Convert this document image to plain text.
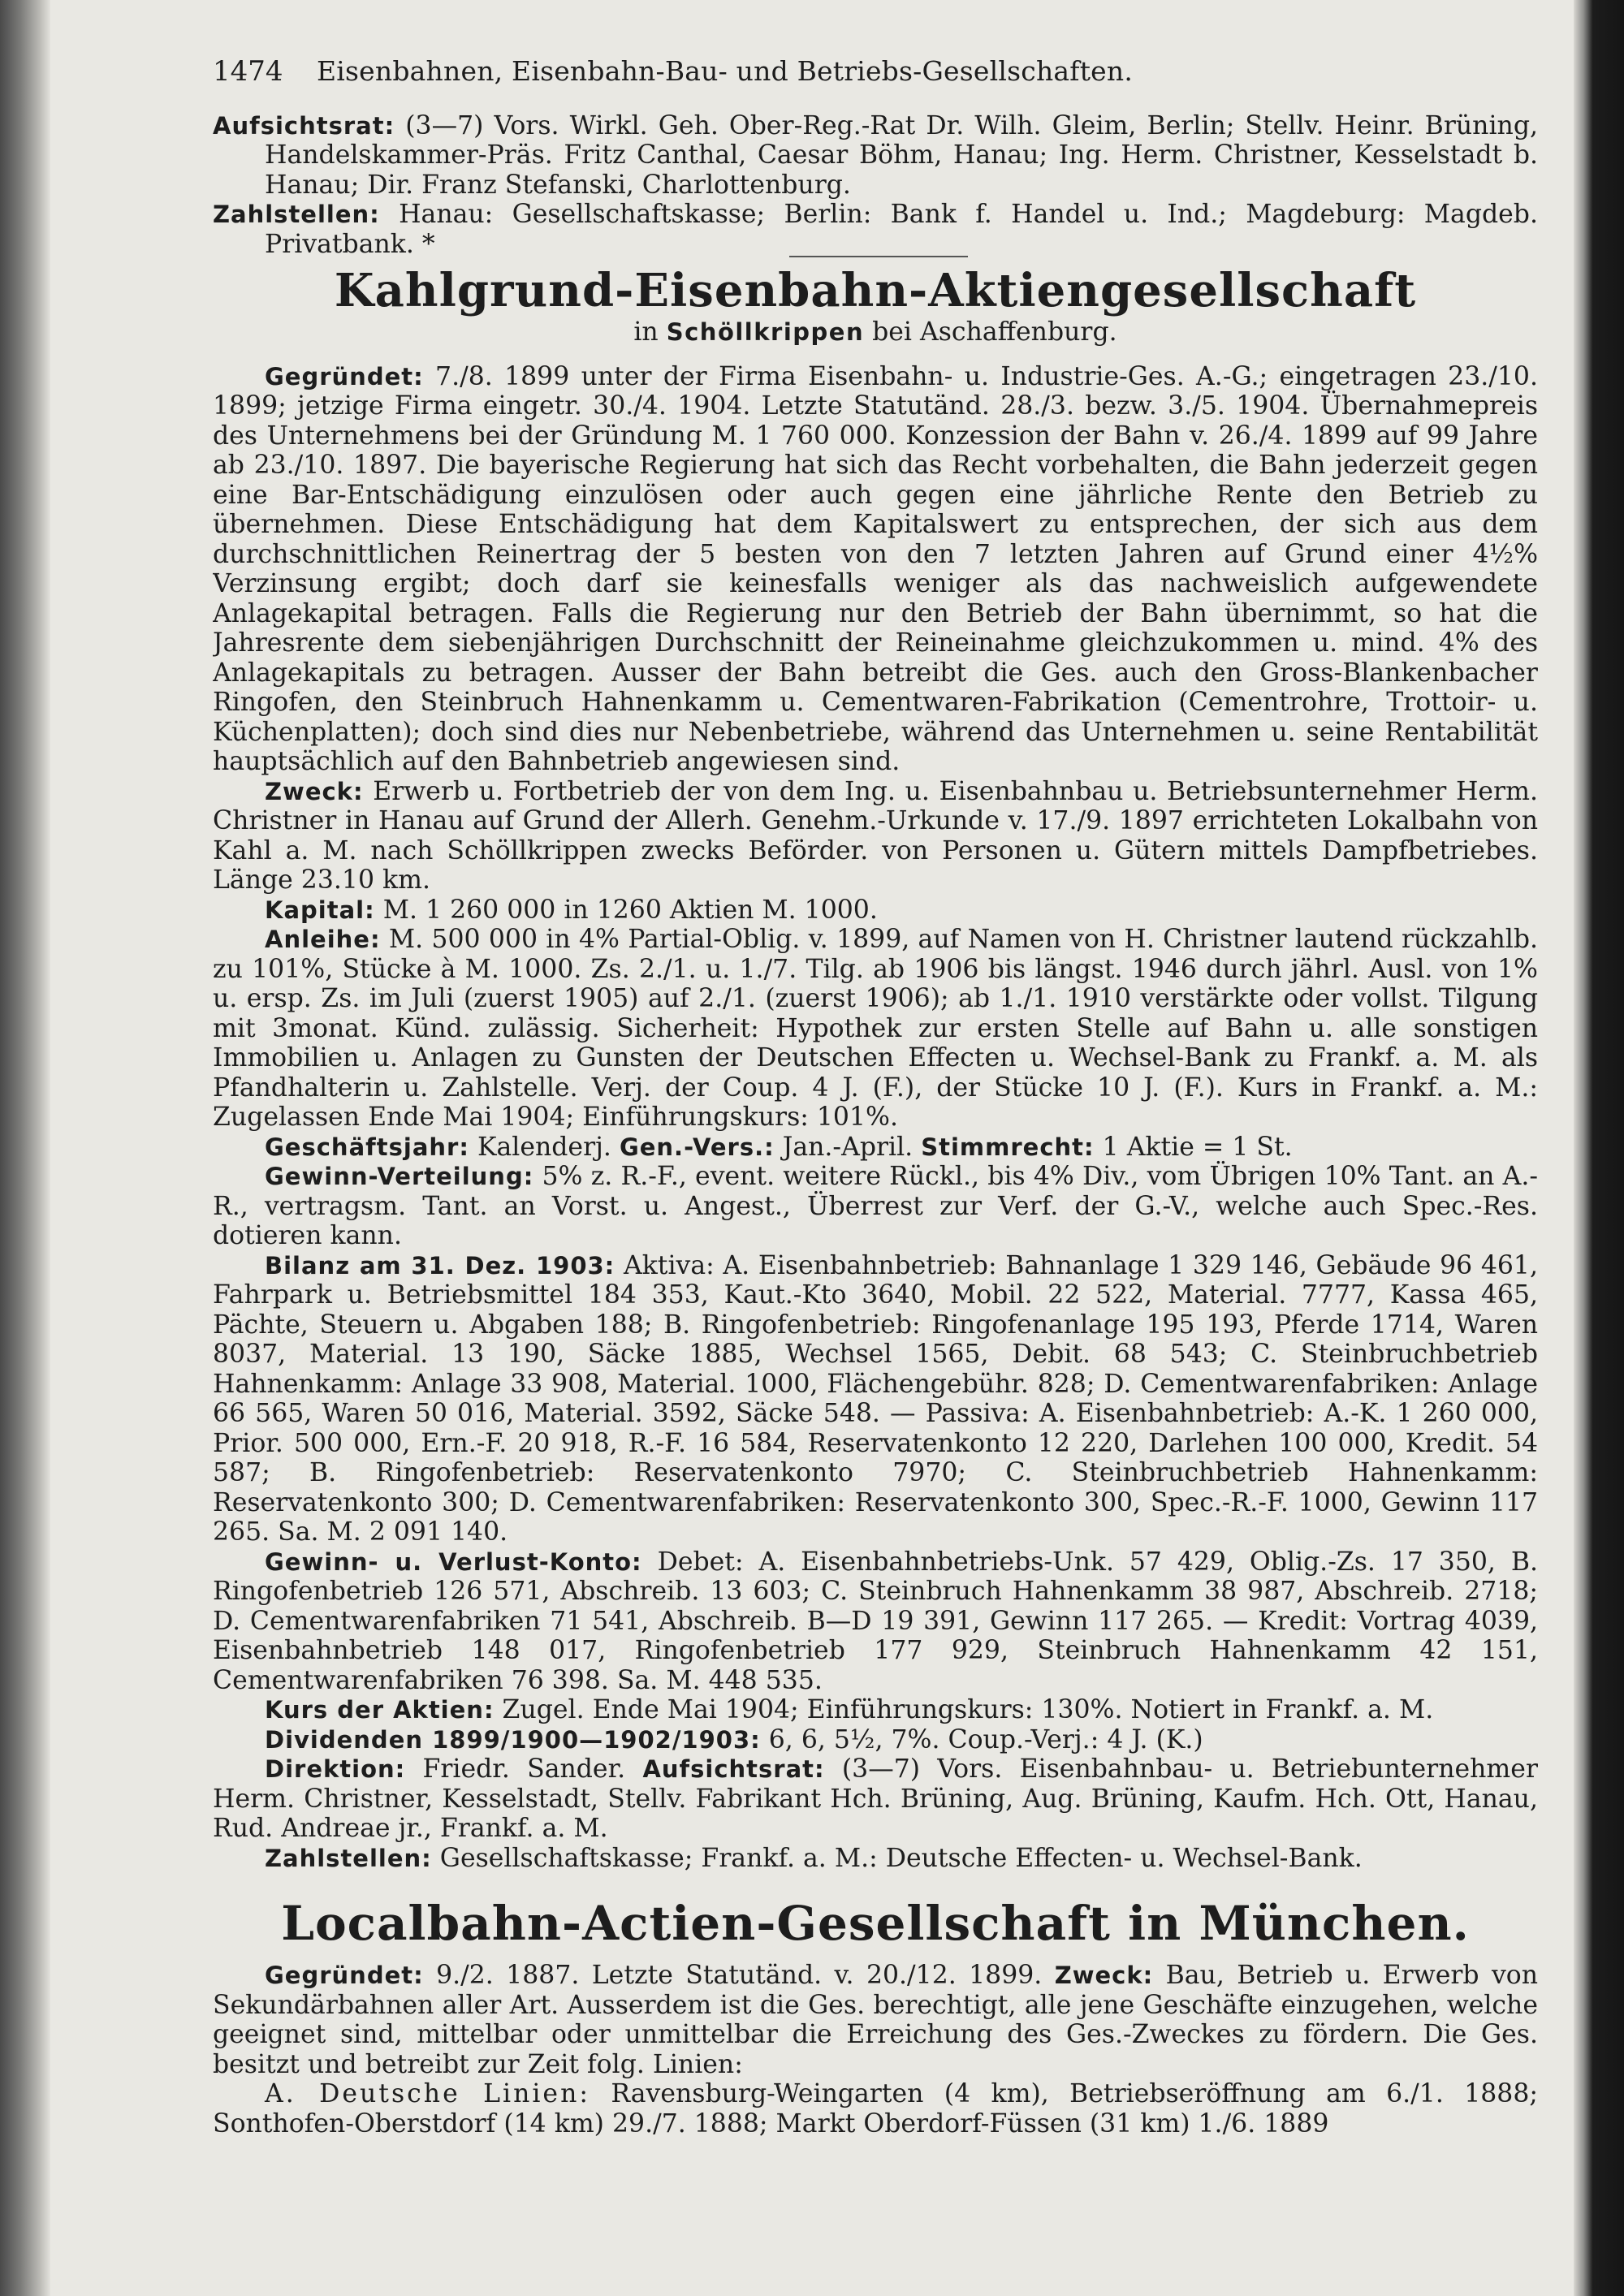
1474	Eisenbahnen, Eisenbahn-Bau- und Betriebs-Gesellschaften.

Aufsichtsrat: (3—7) Vors. Wirkl. Geh. Ober-Reg.-Rat Dr. Wilh. Gleim, Berlin; Stellv. Heinr. Brüning, Handelskammer-Präs. Fritz Canthal, Caesar Böhm, Hanau; Ing. Herm. Christner, Kesselstadt b. Hanau; Dir. Franz Stefanski, Charlottenburg.

Zahlstellen: Hanau: Gesellschaftskasse; Berlin: Bank f. Handel u. Ind.; Magdeburg: Magdeb. Privatbank. *

Kahlgrund-Eisenbahn-Aktiengesellschaft
in Schöllkrippen bei Aschaffenburg.

Gegründet: 7./8. 1899 unter der Firma Eisenbahn- u. Industrie-Ges. A.-G.; eingetragen 23./10. 1899; jetzige Firma eingetr. 30./4. 1904. Letzte Statutänd. 28./3. bezw. 3./5. 1904. Übernahmepreis des Unternehmens bei der Gründung M. 1 760 000. Konzession der Bahn v. 26./4. 1899 auf 99 Jahre ab 23./10. 1897. Die bayerische Regierung hat sich das Recht vorbehalten, die Bahn jederzeit gegen eine Bar-Entschädigung einzulösen oder auch gegen eine jährliche Rente den Betrieb zu übernehmen. Diese Entschädigung hat dem Kapitalswert zu entsprechen, der sich aus dem durchschnittlichen Reinertrag der 5 besten von den 7 letzten Jahren auf Grund einer 4½% Verzinsung ergibt; doch darf sie keinesfalls weniger als das nachweislich aufgewendete Anlagekapital betragen. Falls die Regierung nur den Betrieb der Bahn übernimmt, so hat die Jahresrente dem siebenjährigen Durchschnitt der Reineinahme gleichzukommen u. mind. 4% des Anlagekapitals zu betragen. Ausser der Bahn betreibt die Ges. auch den Gross-Blankenbacher Ringofen, den Steinbruch Hahnenkamm u. Cementwaren-Fabrikation (Cementrohre, Trottoir- u. Küchenplatten); doch sind dies nur Nebenbetriebe, während das Unternehmen u. seine Rentabilität hauptsächlich auf den Bahnbetrieb angewiesen sind.

Zweck: Erwerb u. Fortbetrieb der von dem Ing. u. Eisenbahnbau u. Betriebsunternehmer Herm. Christner in Hanau auf Grund der Allerh. Genehm.-Urkunde v. 17./9. 1897 errichteten Lokalbahn von Kahl a. M. nach Schöllkrippen zwecks Beförder. von Personen u. Gütern mittels Dampfbetriebes. Länge 23.10 km.

Kapital: M. 1 260 000 in 1260 Aktien M. 1000.

Anleihe: M. 500 000 in 4% Partial-Oblig. v. 1899, auf Namen von H. Christner lautend rückzahlb. zu 101%, Stücke à M. 1000. Zs. 2./1. u. 1./7. Tilg. ab 1906 bis längst. 1946 durch jährl. Ausl. von 1% u. ersp. Zs. im Juli (zuerst 1905) auf 2./1. (zuerst 1906); ab 1./1. 1910 verstärkte oder vollst. Tilgung mit 3monat. Künd. zulässig. Sicherheit: Hypothek zur ersten Stelle auf Bahn u. alle sonstigen Immobilien u. Anlagen zu Gunsten der Deutschen Effecten u. Wechsel-Bank zu Frankf. a. M. als Pfandhalterin u. Zahlstelle. Verj. der Coup. 4 J. (F.), der Stücke 10 J. (F.). Kurs in Frankf. a. M.: Zugelassen Ende Mai 1904; Einführungskurs: 101%.

Geschäftsjahr: Kalenderj. Gen.-Vers.: Jan.-April. Stimmrecht: 1 Aktie = 1 St.

Gewinn-Verteilung: 5% z. R.-F., event. weitere Rückl., bis 4% Div., vom Übrigen 10% Tant. an A.-R., vertragsm. Tant. an Vorst. u. Angest., Überrest zur Verf. der G.-V., welche auch Spec.-Res. dotieren kann.

Bilanz am 31. Dez. 1903: Aktiva: A. Eisenbahnbetrieb: Bahnanlage 1 329 146, Gebäude 96 461, Fahrpark u. Betriebsmittel 184 353, Kaut.-Kto 3640, Mobil. 22 522, Material. 7777, Kassa 465, Pächte, Steuern u. Abgaben 188; B. Ringofenbetrieb: Ringofenanlage 195 193, Pferde 1714, Waren 8037, Material. 13 190, Säcke 1885, Wechsel 1565, Debit. 68 543; C. Steinbruchbetrieb Hahnenkamm: Anlage 33 908, Material. 1000, Flächengebühr. 828; D. Cementwarenfabriken: Anlage 66 565, Waren 50 016, Material. 3592, Säcke 548. — Passiva: A. Eisenbahnbetrieb: A.-K. 1 260 000, Prior. 500 000, Ern.-F. 20 918, R.-F. 16 584, Reservatenkonto 12 220, Darlehen 100 000, Kredit. 54 587; B. Ringofenbetrieb: Reservatenkonto 7970; C. Steinbruchbetrieb Hahnenkamm: Reservatenkonto 300; D. Cementwarenfabriken: Reservatenkonto 300, Spec.-R.-F. 1000, Gewinn 117 265. Sa. M. 2 091 140.

Gewinn- u. Verlust-Konto: Debet: A. Eisenbahnbetriebs-Unk. 57 429, Oblig.-Zs. 17 350, B. Ringofenbetrieb 126 571, Abschreib. 13 603; C. Steinbruch Hahnenkamm 38 987, Abschreib. 2718; D. Cementwarenfabriken 71 541, Abschreib. B—D 19 391, Gewinn 117 265. — Kredit: Vortrag 4039, Eisenbahnbetrieb 148 017, Ringofenbetrieb 177 929, Steinbruch Hahnenkamm 42 151, Cementwarenfabriken 76 398. Sa. M. 448 535.

Kurs der Aktien: Zugel. Ende Mai 1904; Einführungskurs: 130%. Notiert in Frankf. a. M.

Dividenden 1899/1900—1902/1903: 6, 6, 5½, 7%. Coup.-Verj.: 4 J. (K.)

Direktion: Friedr. Sander. Aufsichtsrat: (3—7) Vors. Eisenbahnbau- u. Betriebunternehmer Herm. Christner, Kesselstadt, Stellv. Fabrikant Hch. Brüning, Aug. Brüning, Kaufm. Hch. Ott, Hanau, Rud. Andreae jr., Frankf. a. M.

Zahlstellen: Gesellschaftskasse; Frankf. a. M.: Deutsche Effecten- u. Wechsel-Bank.

Localbahn-Actien-Gesellschaft in München.

Gegründet: 9./2. 1887. Letzte Statutänd. v. 20./12. 1899. Zweck: Bau, Betrieb u. Erwerb von Sekundärbahnen aller Art. Ausserdem ist die Ges. berechtigt, alle jene Geschäfte einzugehen, welche geeignet sind, mittelbar oder unmittelbar die Erreichung des Ges.-Zweckes zu fördern. Die Ges. besitzt und betreibt zur Zeit folg. Linien:

A. Deutsche Linien: Ravensburg-Weingarten (4 km), Betriebseröffnung am 6./1. 1888; Sonthofen-Oberstdorf (14 km) 29./7. 1888; Markt Oberdorf-Füssen (31 km) 1./6. 1889
